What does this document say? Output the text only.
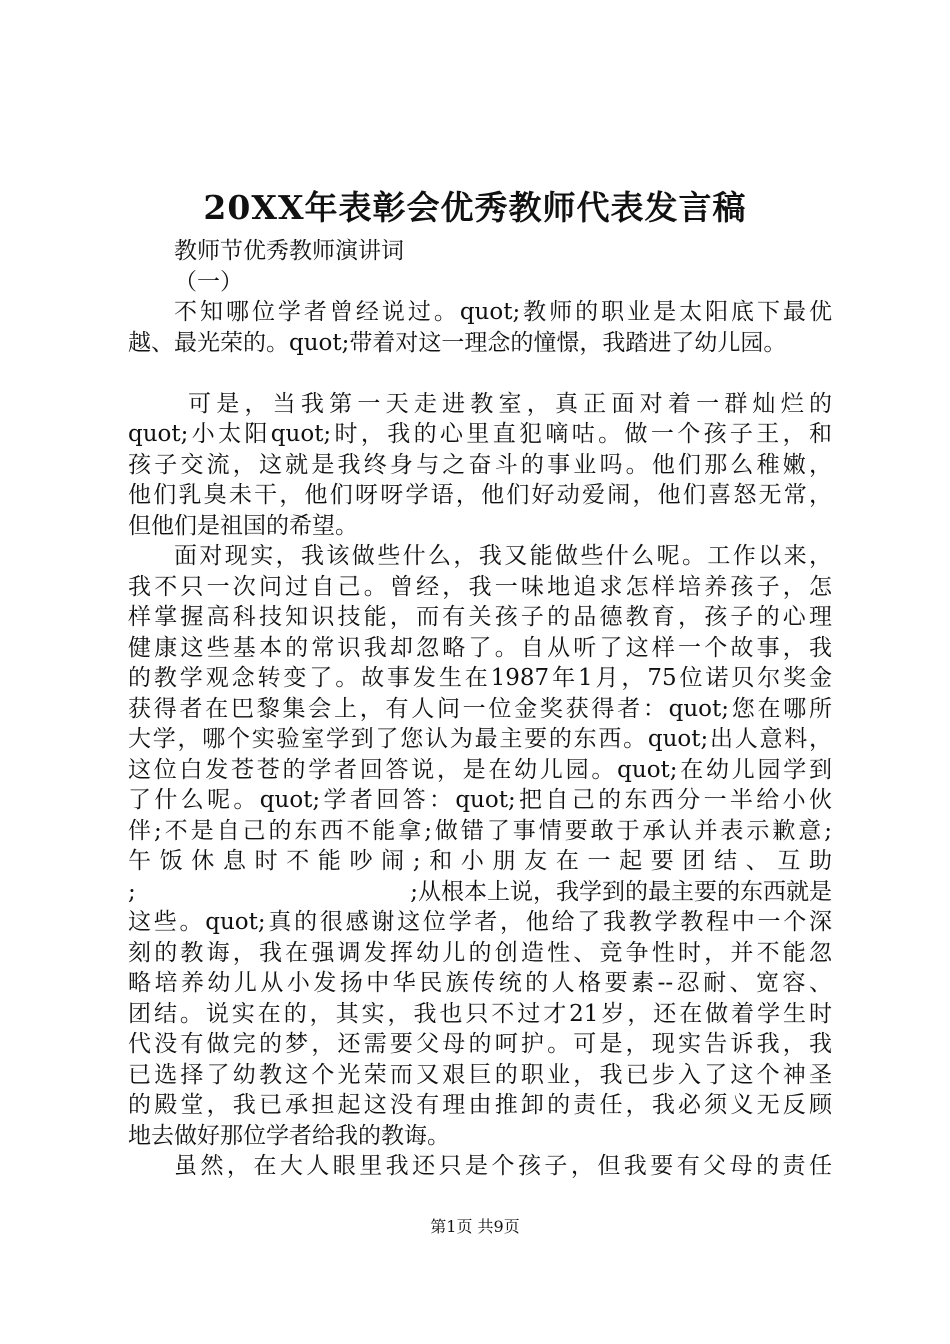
20XX年表彰会优秀教师代表发言稿
教师节优秀教师演讲词
（一）
不知哪位学者曾经说过。quot;教师的职业是太阳底下最优
越、最光荣的。quot;带着对这一理念的憧憬，我踏进了幼儿园。
可是，当我第一天走进教室，真正面对着一群灿烂的
quot;小太阳quot;时，我的心里直犯嘀咕。做一个孩子王，和
孩子交流，这就是我终身与之奋斗的事业吗。他们那么稚嫩，
他们乳臭未干，他们呀呀学语，他们好动爱闹，他们喜怒无常，
但他们是祖国的希望。
面对现实，我该做些什么，我又能做些什么呢。工作以来，
我不只一次问过自己。曾经，我一味地追求怎样培养孩子，怎
样掌握高科技知识技能，而有关孩子的品德教育，孩子的心理
健康这些基本的常识我却忽略了。自从听了这样一个故事，我
的教学观念转变了。故事发生在1987年1月，75位诺贝尔奖金
获得者在巴黎集会上，有人问一位金奖获得者：quot;您在哪所
大学，哪个实验室学到了您认为最主要的东西。quot;出人意料，
这位白发苍苍的学者回答说，是在幼儿园。quot;在幼儿园学到
了什么呢。quot;学者回答：quot;把自己的东西分一半给小伙
伴;不是自己的东西不能拿;做错了事情要敢于承认并表示歉意;
午饭休息时不能吵闹;和小朋友在一起要团结、互助
;	;从根本上说，我学到的最主要的东西就是
这些。quot;真的很感谢这位学者，他给了我教学教程中一个深
刻的教诲，我在强调发挥幼儿的创造性、竞争性时，并不能忽
略培养幼儿从小发扬中华民族传统的人格要素--忍耐、宽容、
团结。说实在的，其实，我也只不过才21岁，还在做着学生时
代没有做完的梦，还需要父母的呵护。可是，现实告诉我，我
已选择了幼教这个光荣而又艰巨的职业，我已步入了这个神圣
的殿堂，我已承担起这没有理由推卸的责任，我必须义无反顾
地去做好那位学者给我的教诲。
虽然，在大人眼里我还只是个孩子，但我要有父母的责任
第1页 共9页
